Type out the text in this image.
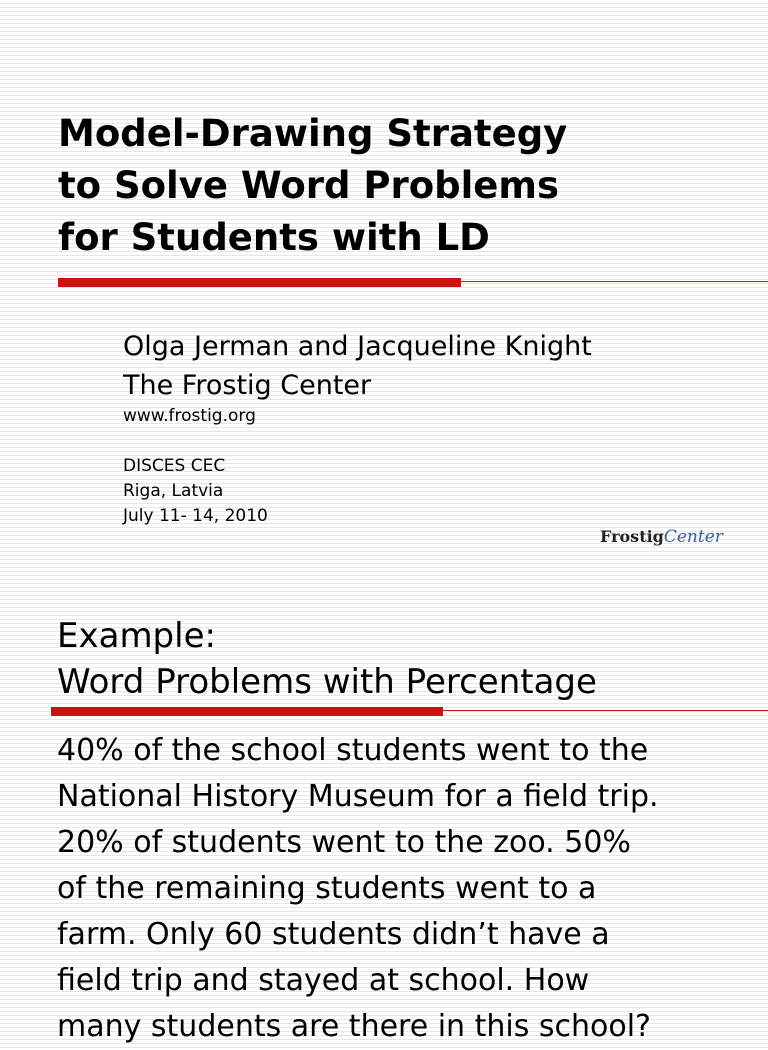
Model-Drawing Strategy
to Solve Word Problems
for Students with LD
Olga Jerman and Jacqueline Knight
The Frostig Center
www.frostig.org
DISCES CEC
Riga, Latvia
July 11- 14, 2010
FrostigCenter
Example:
Word Problems with Percentage
40% of the school students went to the
National History Museum for a field trip.
20% of students went to the zoo. 50%
of the remaining students went to a
farm. Only 60 students didn’t have a
field trip and stayed at school. How
many students are there in this school?
